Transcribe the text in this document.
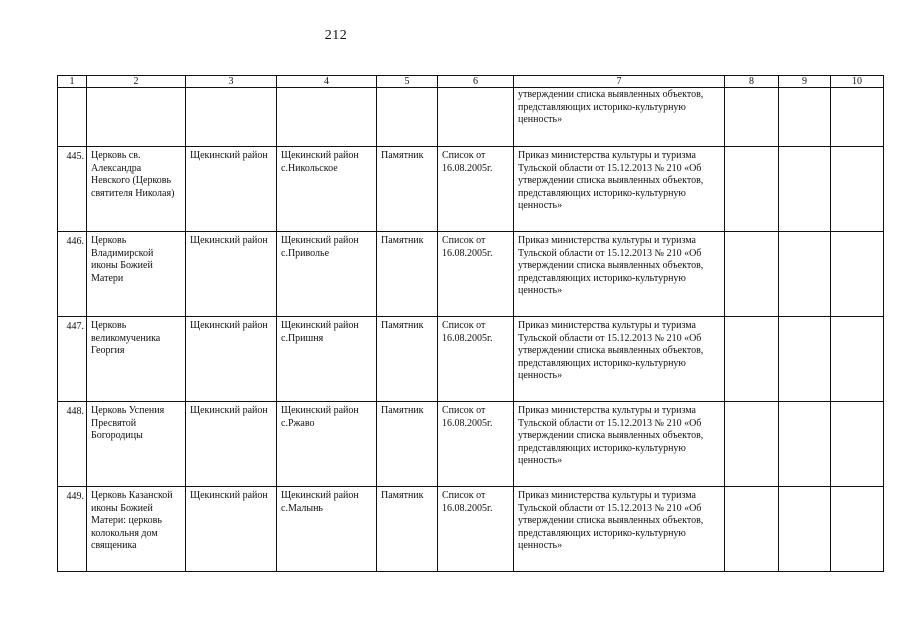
212
1	2	3	4	5	6	7	8	9	10
						утверждении списка выявленных объектов, представляющих историко-культурную ценность»			
445.	Церковь св. Александра Невского (Церковь святителя Николая)	Щекинский район	Щекинский район с.Никольское	Памятник	Список от 16.08.2005г.	Приказ министерства культуры и туризма Тульской области от 15.12.2013 № 210 «Об утверждении списка выявленных объектов, представляющих историко-культурную ценность»			
446.	Церковь Владимирской иконы Божией Матери	Щекинский район	Щекинский район с.Приволье	Памятник	Список от 16.08.2005г.	Приказ министерства культуры и туризма Тульской области от 15.12.2013 № 210 «Об утверждении списка выявленных объектов, представляющих историко-культурную ценность»			
447.	Церковь великомученика Георгия	Щекинский район	Щекинский район с.Пришня	Памятник	Список от 16.08.2005г.	Приказ министерства культуры и туризма Тульской области от 15.12.2013 № 210 «Об утверждении списка выявленных объектов, представляющих историко-культурную ценность»			
448.	Церковь Успения Пресвятой Богородицы	Щекинский район	Щекинский район с.Ржаво	Памятник	Список от 16.08.2005г.	Приказ министерства культуры и туризма Тульской области от 15.12.2013 № 210 «Об утверждении списка выявленных объектов, представляющих историко-культурную ценность»			
449.	Церковь Казанской иконы Божией Матери: церковь колокольня дом священика	Щекинский район	Щекинский район с.Малынь	Памятник	Список от 16.08.2005г.	Приказ министерства культуры и туризма Тульской области от 15.12.2013 № 210 «Об утверждении списка выявленных объектов, представляющих историко-культурную ценность»			
